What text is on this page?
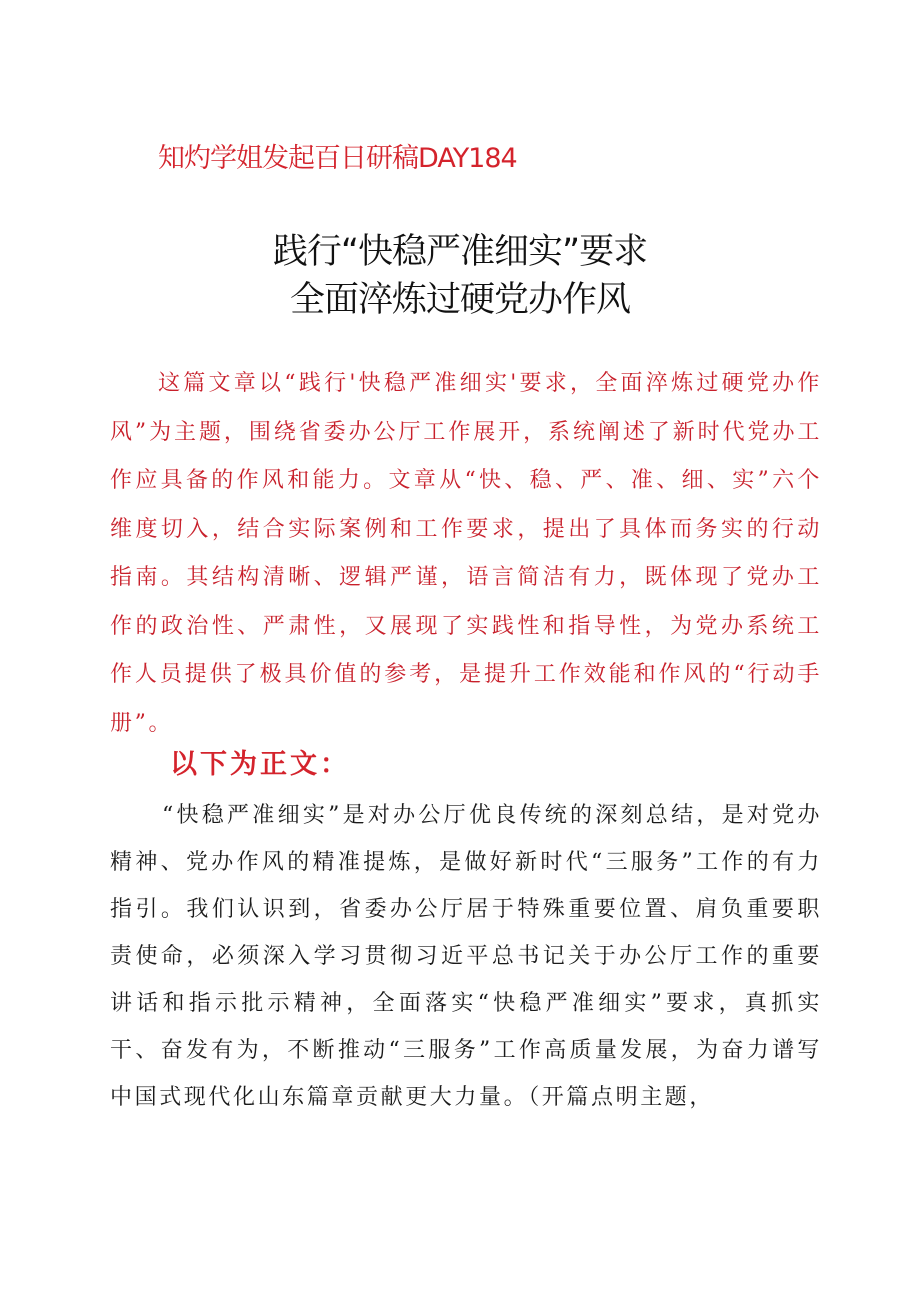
知灼学姐发起百日研稿DAY184
践行“快稳严准细实”要求
全面淬炼过硬党办作风

这篇文章以“践行'快稳严准细实'要求，全面淬炼过硬党办作风”为主题，围绕省委办公厅工作展开，系统阐述了新时代党办工作应具备的作风和能力。文章从“快、稳、严、准、细、实”六个维度切入，结合实际案例和工作要求，提出了具体而务实的行动指南。其结构清晰、逻辑严谨，语言简洁有力，既体现了党办工作的政治性、严肃性，又展现了实践性和指导性，为党办系统工作人员提供了极具价值的参考，是提升工作效能和作风的“行动手册”。

以下为正文：

“快稳严准细实”是对办公厅优良传统的深刻总结，是对党办精神、党办作风的精准提炼，是做好新时代“三服务”工作的有力指引。我们认识到，省委办公厅居于特殊重要位置、肩负重要职责使命，必须深入学习贯彻习近平总书记关于办公厅工作的重要讲话和指示批示精神，全面落实“快稳严准细实”要求，真抓实干、奋发有为，不断推动“三服务”工作高质量发展，为奋力谱写中国式现代化山东篇章贡献更大力量。（开篇点明主题，
